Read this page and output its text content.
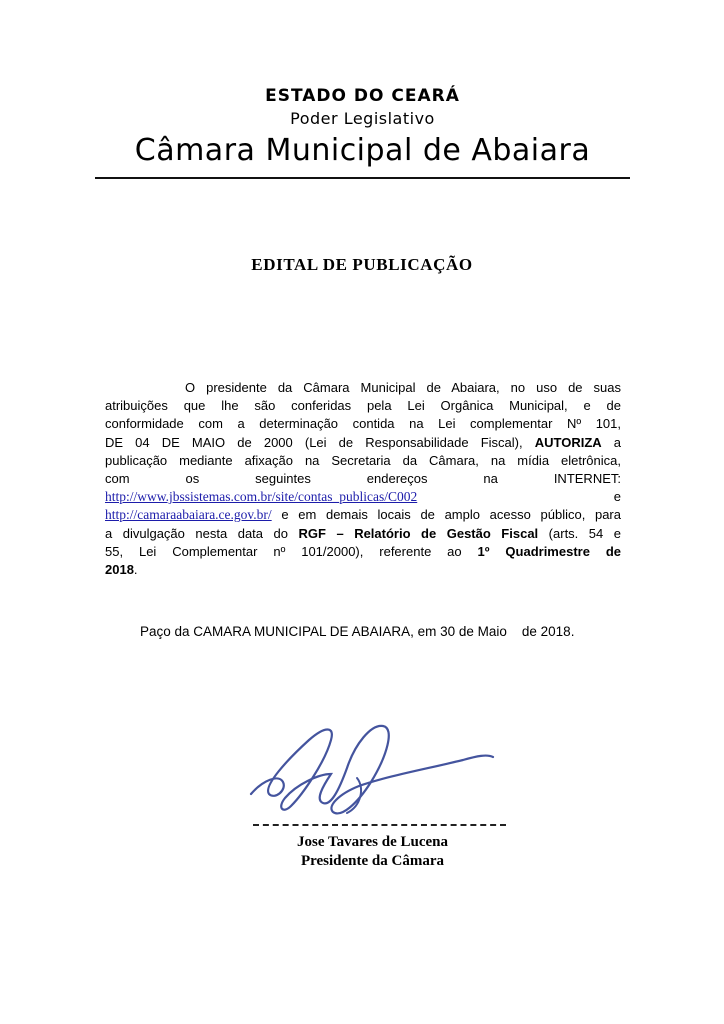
ESTADO DO CEARÁ
Poder Legislativo
Câmara Municipal de Abaiara
EDITAL DE PUBLICAÇÃO
O presidente da Câmara Municipal de Abaiara, no uso de suas
atribuições que lhe são conferidas pela Lei Orgânica Municipal, e de
conformidade com a determinação contida na Lei complementar Nº 101,
DE 04 DE MAIO de 2000 (Lei de Responsabilidade Fiscal), AUTORIZA a
publicação mediante afixação na Secretaria da Câmara, na mídia eletrônica,
com os seguintes endereços na INTERNET:
http://www.jbssistemas.com.br/site/contas_publicas/C002 e
http://camaraabaiara.ce.gov.br/ e em demais locais de amplo acesso público, para
a divulgação nesta data do RGF – Relatório de Gestão Fiscal (arts. 54 e
55, Lei Complementar nº 101/2000), referente ao 1º Quadrimestre de
2018.
Paço da CAMARA MUNICIPAL DE ABAIARA, em 30 de Maio    de 2018.
Jose Tavares de Lucena
Presidente da Câmara
